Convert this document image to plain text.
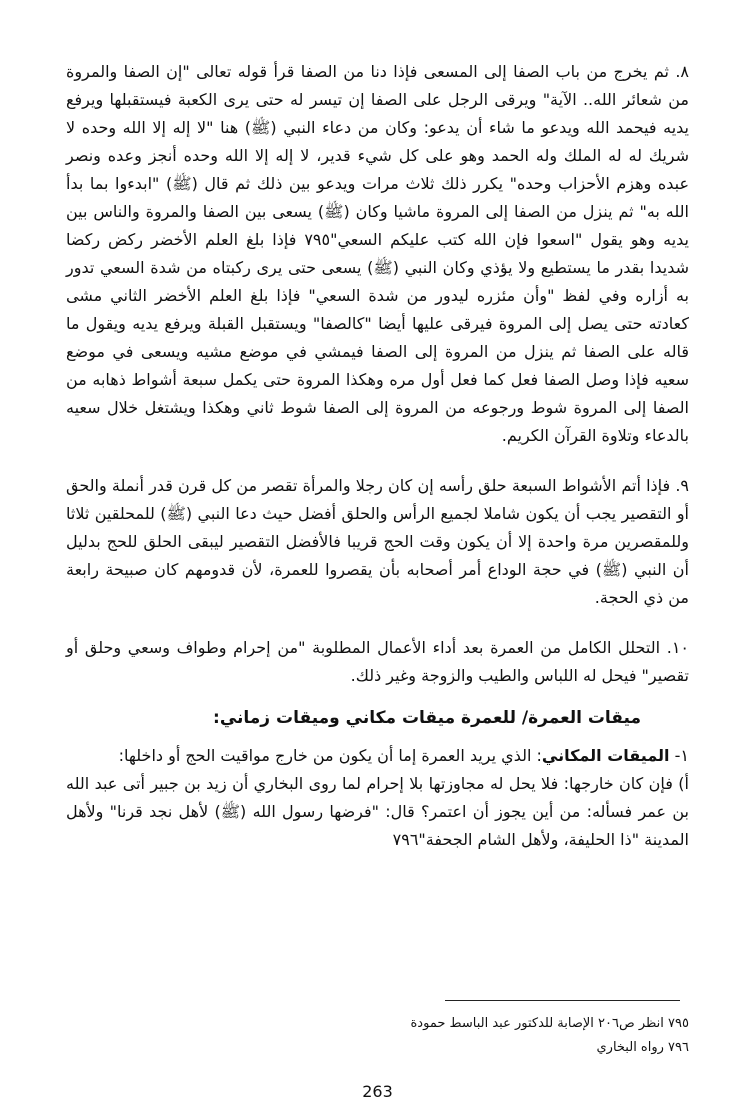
٨. ثم يخرج من باب الصفا إلى المسعى فإذا دنا من الصفا قرأ قوله تعالى "إن الصفا والمروة من شعائر الله.. الآية" ويرقى الرجل على الصفا إن تيسر له حتى يرى الكعبة فيستقبلها ويرفع يديه فيحمد الله ويدعو ما شاء أن يدعو: وكان من دعاء النبي (ﷺ) هنا "لا إله إلا الله وحده لا شريك له له الملك وله الحمد وهو على كل شيء قدير، لا إله إلا الله وحده أنجز وعده ونصر عبده وهزم الأحزاب وحده" يكرر ذلك ثلاث مرات ويدعو بين ذلك ثم قال (ﷺ) "ابدءوا بما بدأ الله به" ثم ينزل من الصفا إلى المروة ماشيا وكان (ﷺ) يسعى بين الصفا والمروة والناس بين يديه وهو يقول "اسعوا فإن الله كتب عليكم السعي"٧٩٥ فإذا بلغ العلم الأخضر ركض ركضا شديدا بقدر ما يستطيع ولا يؤذي وكان النبي (ﷺ) يسعى حتى يرى ركبتاه من شدة السعي تدور به أزاره وفي لفظ "وأن مئزره ليدور من شدة السعي" فإذا بلغ العلم الأخضر الثاني مشى كعادته حتى يصل إلى المروة فيرقى عليها أيضا "كالصفا" ويستقبل القبلة ويرفع يديه ويقول ما قاله على الصفا ثم ينزل من المروة إلى الصفا فيمشي في موضع مشيه ويسعى في موضع سعيه فإذا وصل الصفا فعل كما فعل أول مره وهكذا المروة حتى يكمل سبعة أشواط ذهابه من الصفا إلى المروة شوط ورجوعه من المروة إلى الصفا شوط ثاني وهكذا ويشتغل خلال سعيه بالدعاء وتلاوة القرآن الكريم.

٩. فإذا أتم الأشواط السبعة حلق رأسه إن كان رجلا والمرأة تقصر من كل قرن قدر أنملة والحق أو التقصير يجب أن يكون شاملا لجميع الرأس والحلق أفضل حيث دعا النبي (ﷺ) للمحلقين ثلاثا وللمقصرين مرة واحدة إلا أن يكون وقت الحج قريبا فالأفضل التقصير ليبقى الحلق للحج بدليل أن النبي (ﷺ) في حجة الوداع أمر أصحابه بأن يقصروا للعمرة، لأن قدومهم كان صبيحة رابعة من ذي الحجة.

١٠. التحلل الكامل من العمرة بعد أداء الأعمال المطلوبة "من إحرام وطواف وسعي وحلق أو تقصير" فيحل له اللباس والطيب والزوجة وغير ذلك.

ميقات العمرة/ للعمرة ميقات مكاني وميقات زماني:

١- الميقات المكاني: الذي يريد العمرة إما أن يكون من خارج مواقيت الحج أو داخلها:

أ) فإن كان خارجها: فلا يحل له مجاوزتها بلا إحرام لما روى البخاري أن زيد بن جبير أتى عبد الله بن عمر فسأله: من أين يجوز أن اعتمر؟ قال: "فرضها رسول الله (ﷺ) لأهل نجد قرنا" ولأهل المدينة "ذا الحليفة، ولأهل الشام الجحفة"٧٩٦

٧٩٥ انظر ص٢٠٦ الإصابة للدكتور عبد الباسط حمودة

٧٩٦ رواه البخاري

263
